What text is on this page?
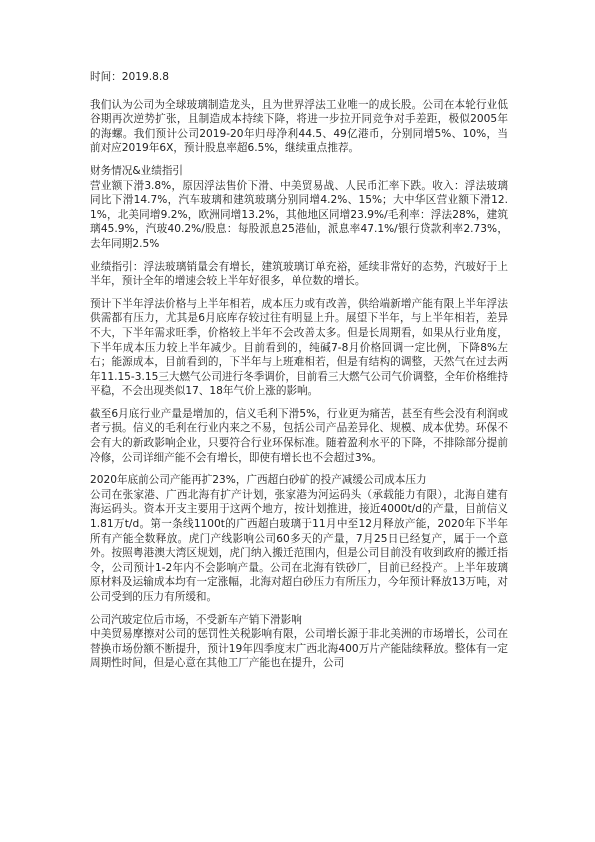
时间：2019.8.8

我们认为公司为全球玻璃制造龙头，且为世界浮法工业唯一的成长股。公司在本轮行业低谷期再次逆势扩张，且制造成本持续下降，将进一步拉开同竞争对手差距，极似2005年的海螺。我们预计公司2019-20年归母净利44.5、49亿港币，分别同增5%、10%，当前对应2019年6X，预计股息率超6.5%，继续重点推荐。

财务情况&业绩指引

营业额下滑3.8%，原因浮法售价下滑、中美贸易战、人民币汇率下跌。收入：浮法玻璃同比下滑14.7%，汽车玻璃和建筑玻璃分别同增4.2%、15%；大中华区营业额下滑12.1%，北美同增9.2%，欧洲同增13.2%，其他地区同增23.9%/毛利率：浮法28%，建筑璃45.9%，汽玻40.2%/股息：每股派息25港仙，派息率47.1%/银行贷款利率2.73%，去年同期2.5%

业绩指引：浮法玻璃销量会有增长，建筑玻璃订单充裕，延续非常好的态势，汽玻好于上半年，预计全年的增速会较上半年好很多，单位数的增长。

预计下半年浮法价格与上半年相若，成本压力或有改善，供给端新增产能有限上半年浮法供需都有压力，尤其是6月底库存较过往有明显上升。展望下半年，与上半年相若，差异不大，下半年需求旺季，价格较上半年不会改善太多。但是长周期看，如果从行业角度，下半年成本压力较上半年减少。目前看到的，纯碱7-8月价格回调一定比例，下降8%左右；能源成本，目前看到的，下半年与上班难相若，但是有结构的调整，天然气在过去两年11.15-3.15三大燃气公司进行冬季调价，目前看三大燃气公司气价调整，全年价格维持平稳，不会出现类似17、18年气价上涨的影响。

截至6月底行业产量是增加的，信义毛利下滑5%，行业更为痛苦，甚至有些会没有利润或者亏损。信义的毛利在行业内来之不易，包括公司产品差异化、规模、成本优势。环保不会有大的新政影响企业，只要符合行业环保标准。随着盈利水平的下降，不排除部分提前冷修，公司详细产能不会有增长，即使有增长也不会超过3%。

2020年底前公司产能再扩23%，广西超白砂矿的投产减缓公司成本压力

公司在张家港、广西北海有扩产计划，张家港为河运码头（承载能力有限），北海自建有海运码头。资本开支主要用于这两个地方，按计划推进，接近4000t/d的产量，目前信义1.81万t/d。第一条线1100t的广西超白玻璃于11月中至12月释放产能，2020年下半年所有产能全数释放。虎门产线影响公司60多天的产量，7月25日已经复产，属于一个意外。按照粤港澳大湾区规划，虎门纳入搬迁范围内，但是公司目前没有收到政府的搬迁指令，公司预计1-2年内不会影响产量。公司在北海有铁砂厂，目前已经投产。上半年玻璃原材料及运输成本均有一定涨幅，北海对超白砂压力有所压力，今年预计释放13万吨，对公司受到的压力有所缓和。

公司汽玻定位后市场，不受新车产销下滑影响

中美贸易摩擦对公司的惩罚性关税影响有限，公司增长源于非北美洲的市场增长，公司在替换市场份额不断提升，预计19年四季度末广西北海400万片产能陆续释放。整体有一定周期性时间，但是心意在其他工厂产能也在提升，公司
